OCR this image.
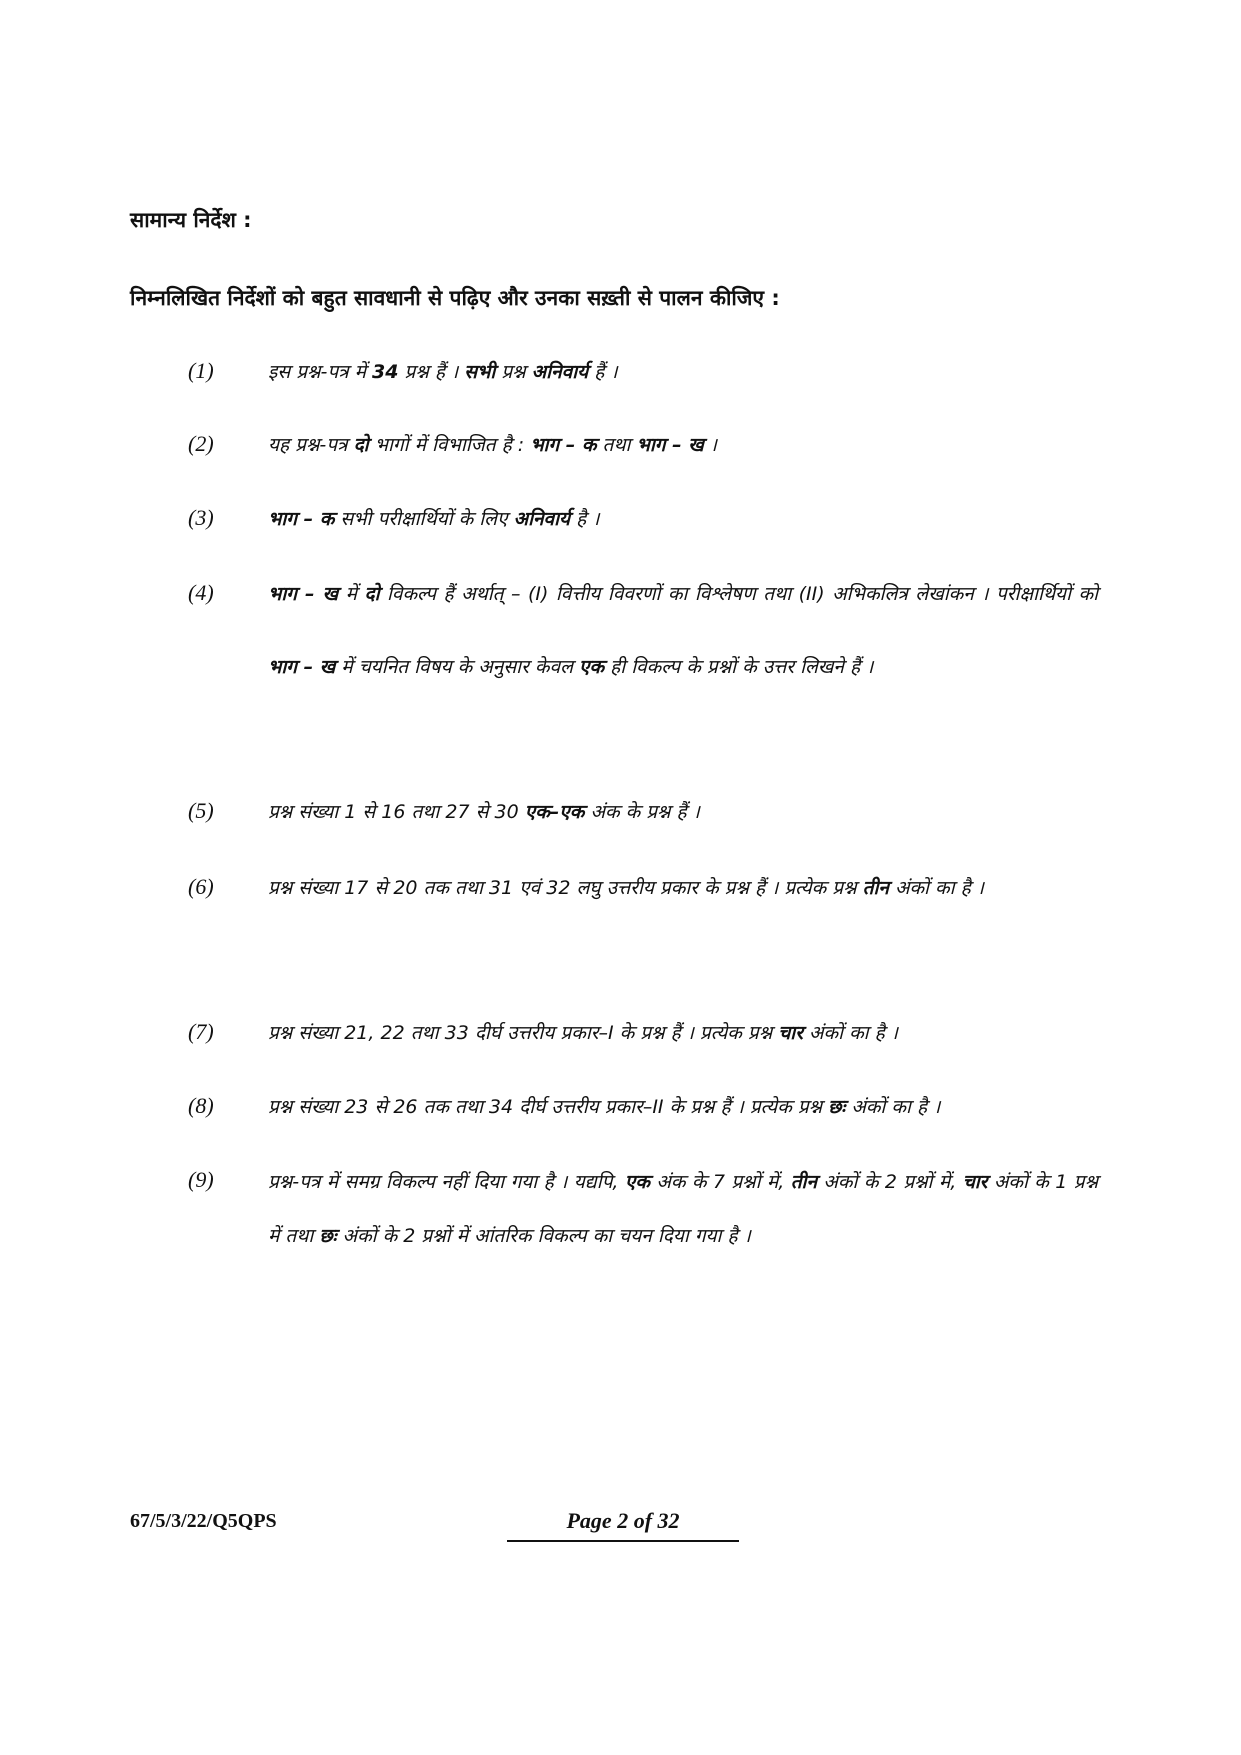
सामान्य निर्देश :
निम्नलिखित निर्देशों को बहुत सावधानी से पढ़िए और उनका सख़्ती से पालन कीजिए :
(1)	इस प्रश्न-पत्र में 34 प्रश्न हैं । सभी प्रश्न अनिवार्य हैं ।
(2)	यह प्रश्न-पत्र दो भागों में विभाजित है : भाग – क तथा भाग – ख ।
(3)	भाग – क सभी परीक्षार्थियों के लिए अनिवार्य है ।
(4)	भाग – ख में दो विकल्प हैं अर्थात् – (I) वित्तीय विवरणों का विश्लेषण तथा (II) अभिकलित्र लेखांकन । परीक्षार्थियों को भाग – ख में चयनित विषय के अनुसार केवल एक ही विकल्प के प्रश्नों के उत्तर लिखने हैं ।
(5)	प्रश्न संख्या 1 से 16 तथा 27 से 30 एक–एक अंक के प्रश्न हैं ।
(6)	प्रश्न संख्या 17 से 20 तक तथा 31 एवं 32 लघु उत्तरीय प्रकार के प्रश्न हैं । प्रत्येक प्रश्न तीन अंकों का है ।
(7)	प्रश्न संख्या 21, 22 तथा 33 दीर्घ उत्तरीय प्रकार–I के प्रश्न हैं । प्रत्येक प्रश्न चार अंकों का है ।
(8)	प्रश्न संख्या 23 से 26 तक तथा 34 दीर्घ उत्तरीय प्रकार–II के प्रश्न हैं । प्रत्येक प्रश्न छः अंकों का है ।
(9)	प्रश्न-पत्र में समग्र विकल्प नहीं दिया गया है । यद्यपि, एक अंक के 7 प्रश्नों में, तीन अंकों के 2 प्रश्नों में, चार अंकों के 1 प्रश्न में तथा छः अंकों के 2 प्रश्नों में आंतरिक विकल्प का चयन दिया गया है ।
67/5/3/22/Q5QPS	Page 2 of 32
